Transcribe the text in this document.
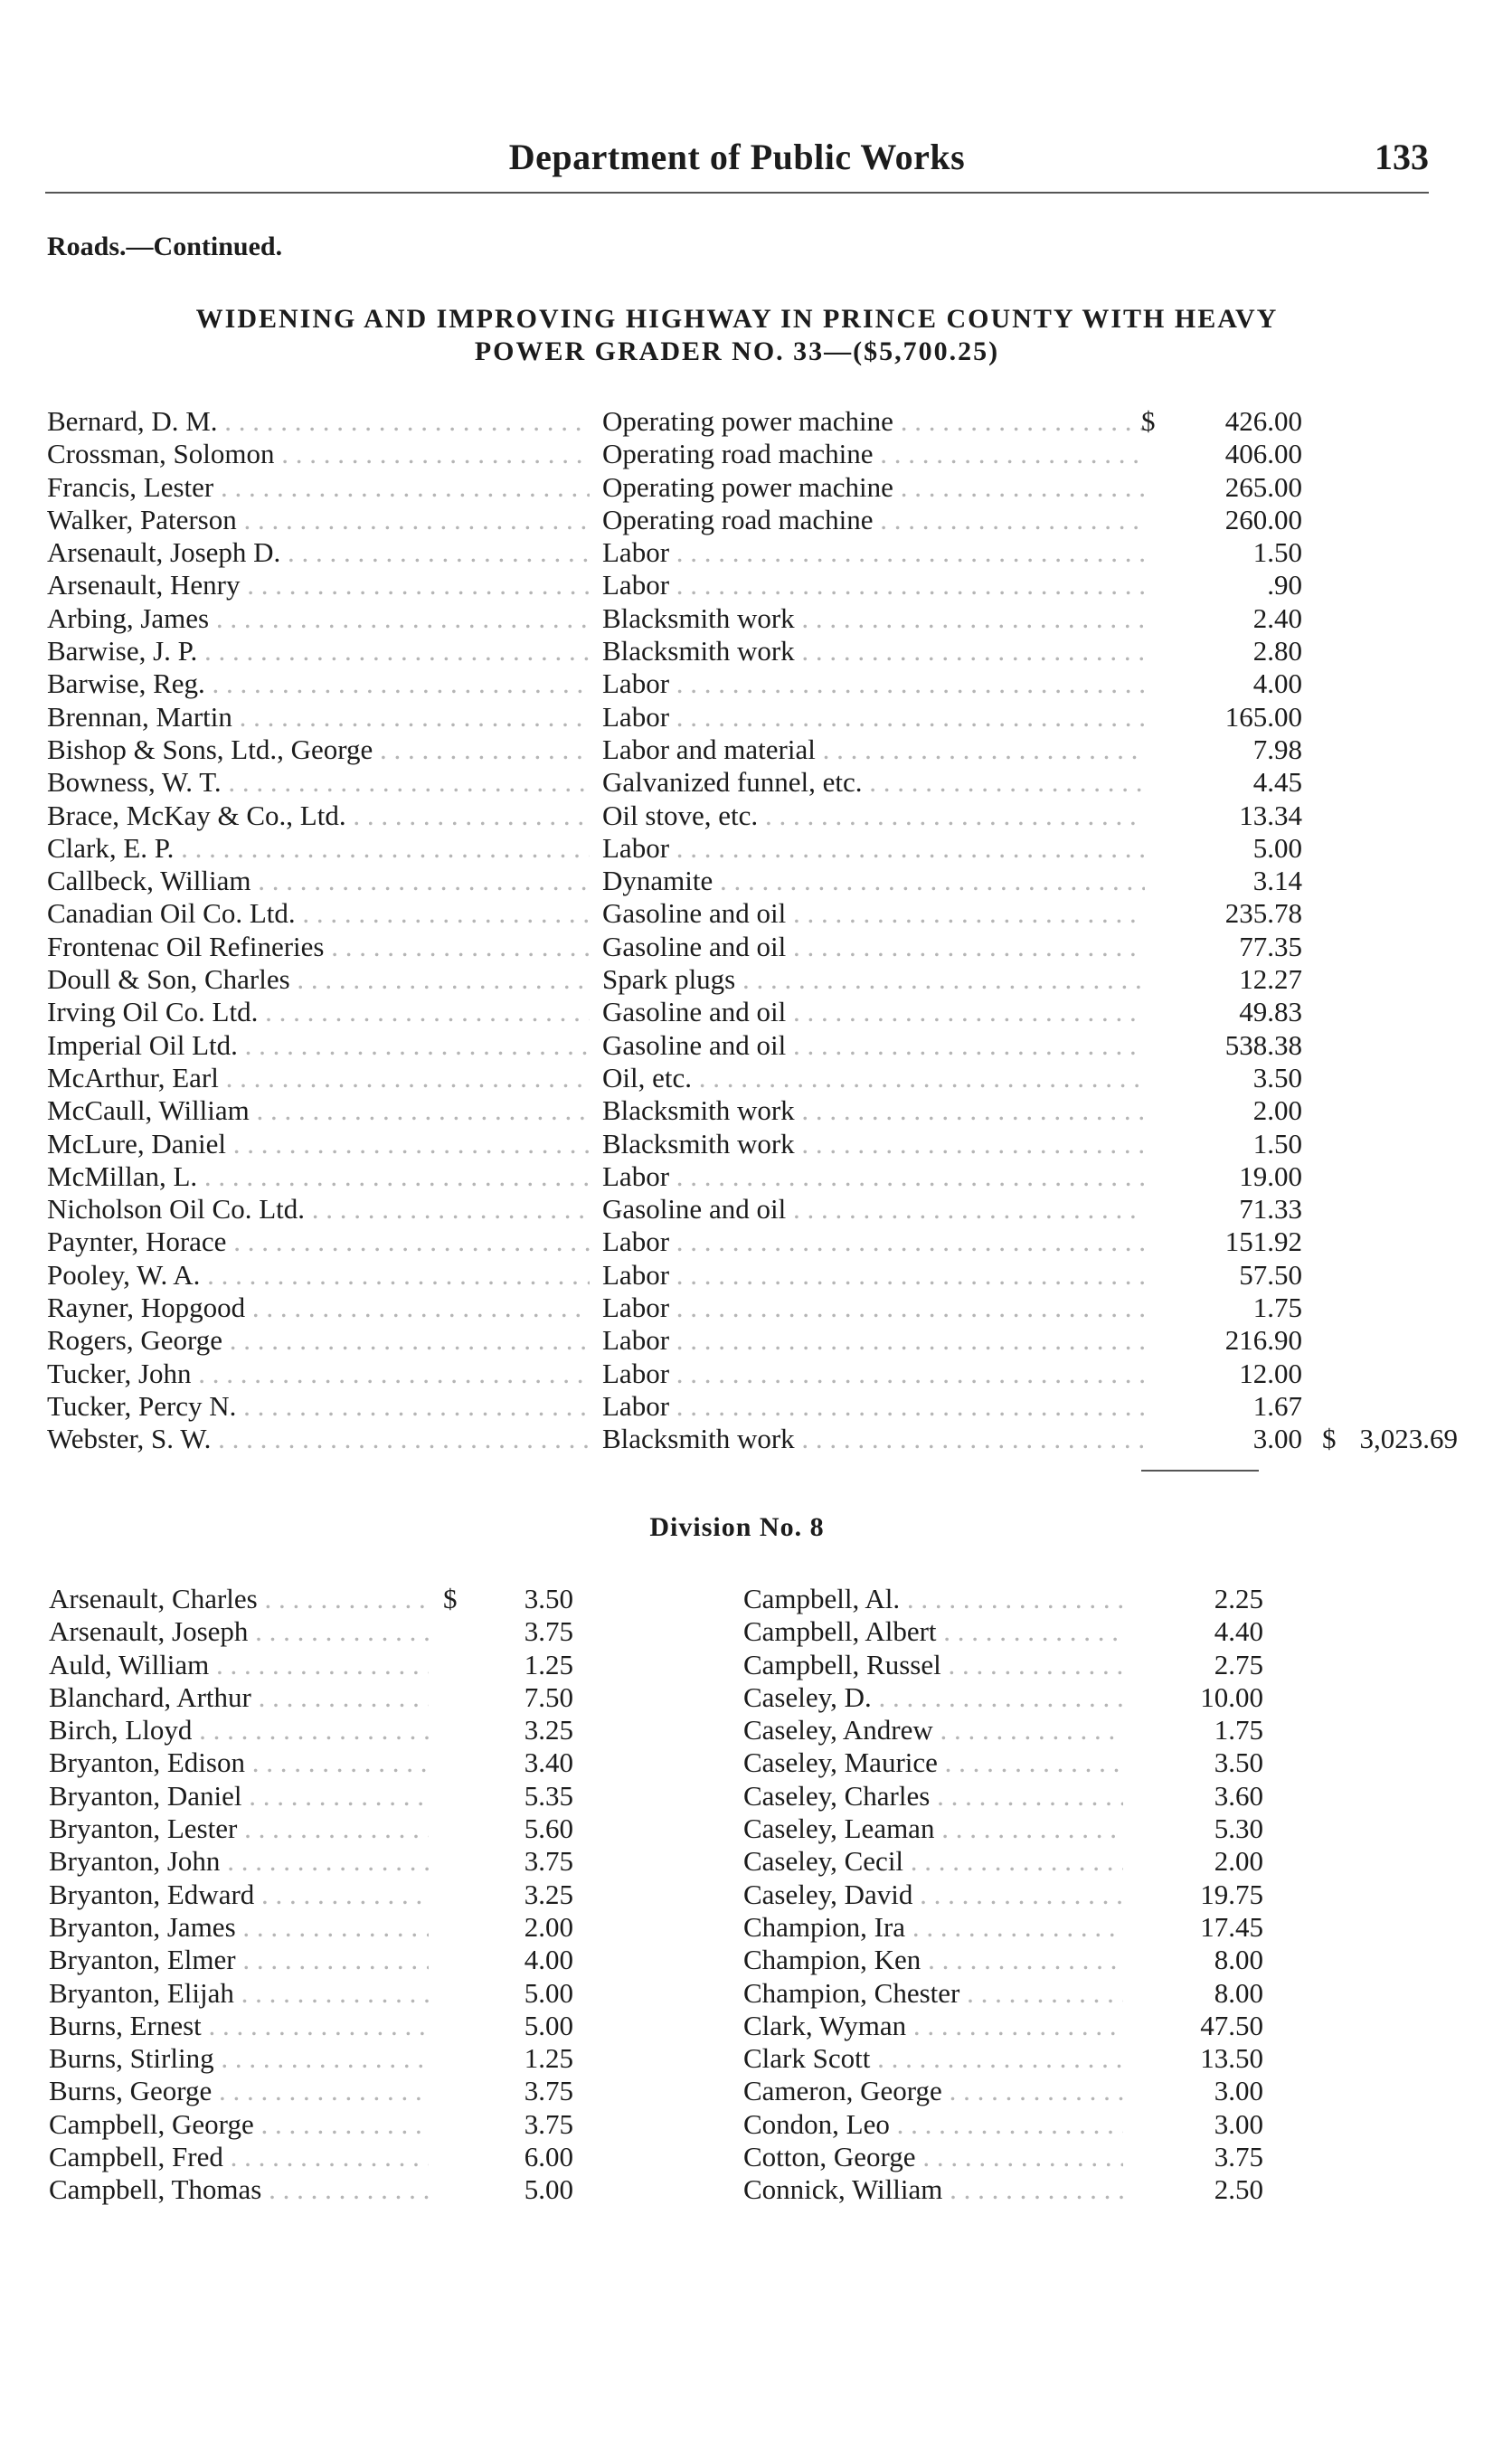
Department of Public Works	133
Roads.—Continued.
WIDENING AND IMPROVING HIGHWAY IN PRINCE COUNTY WITH HEAVY
POWER GRADER NO. 33—($5,700.25)
Bernard, D. M. . . .	Operating power machine . . .	$ 426.00
Crossman, Solomon . . .	Operating road machine . . .	406.00
Francis, Lester . . .	Operating power machine . . .	265.00
Walker, Paterson . . .	Operating road machine . . .	260.00
Arsenault, Joseph D. . . .	Labor . . .	1.50
Arsenault, Henry . . .	Labor . . .	.90
Arbing, James . . .	Blacksmith work . . .	2.40
Barwise, J. P. . . .	Blacksmith work . . .	2.80
Barwise, Reg. . . .	Labor . . .	4.00
Brennan, Martin . . .	Labor . . .	165.00
Bishop & Sons, Ltd., George . . .	Labor and material . . .	7.98
Bowness, W. T. . . .	Galvanized funnel, etc. . . .	4.45
Brace, McKay & Co., Ltd. . . .	Oil stove, etc. . . .	13.34
Clark, E. P. . . .	Labor . . .	5.00
Callbeck, William . . .	Dynamite . . .	3.14
Canadian Oil Co. Ltd. . . .	Gasoline and oil . . .	235.78
Frontenac Oil Refineries . . .	Gasoline and oil . . .	77.35
Doull & Son, Charles . . .	Spark plugs . . .	12.27
Irving Oil Co. Ltd. . . .	Gasoline and oil . . .	49.83
Imperial Oil Ltd. . . .	Gasoline and oil . . .	538.38
McArthur, Earl . . .	Oil, etc. . . .	3.50
McCaull, William . . .	Blacksmith work . . .	2.00
McLure, Daniel . . .	Blacksmith work . . .	1.50
McMillan, L. . . .	Labor . . .	19.00
Nicholson Oil Co. Ltd. . . .	Gasoline and oil . . .	71.33
Paynter, Horace . . .	Labor . . .	151.92
Pooley, W. A. . . .	Labor . . .	57.50
Rayner, Hopgood . . .	Labor . . .	1.75
Rogers, George . . .	Labor . . .	216.90
Tucker, John . . .	Labor . . .	12.00
Tucker, Percy N. . . .	Labor . . .	1.67
Webster, S. W. . . .	Blacksmith work . . .	3.00 $ 3,023.69
Division No. 8
Arsenault, Charles . . .	$ 3.50
Arsenault, Joseph . . .	3.75
Auld, William . . .	1.25
Blanchard, Arthur . . .	7.50
Birch, Lloyd . . .	3.25
Bryanton, Edison . . .	3.40
Bryanton, Daniel . . .	5.35
Bryanton, Lester . . .	5.60
Bryanton, John . . .	3.75
Bryanton, Edward . . .	3.25
Bryanton, James . . .	2.00
Bryanton, Elmer . . .	4.00
Bryanton, Elijah . . .	5.00
Burns, Ernest . . .	5.00
Burns, Stirling . . .	1.25
Burns, George . . .	3.75
Campbell, George . . .	3.75
Campbell, Fred . . .	6.00
Campbell, Thomas . . .	5.00
Campbell, Al. . . .	2.25
Campbell, Albert . . .	4.40
Campbell, Russel . . .	2.75
Caseley, D. . . .	10.00
Caseley, Andrew . . .	1.75
Caseley, Maurice . . .	3.50
Caseley, Charles . . .	3.60
Caseley, Leaman . . .	5.30
Caseley, Cecil . . .	2.00
Caseley, David . . .	19.75
Champion, Ira . . .	17.45
Champion, Ken . . .	8.00
Champion, Chester . . .	8.00
Clark, Wyman . . .	47.50
Clark Scott . . .	13.50
Cameron, George . . .	3.00
Condon, Leo . . .	3.00
Cotton, George . . .	3.75
Connick, William . . .	2.50
